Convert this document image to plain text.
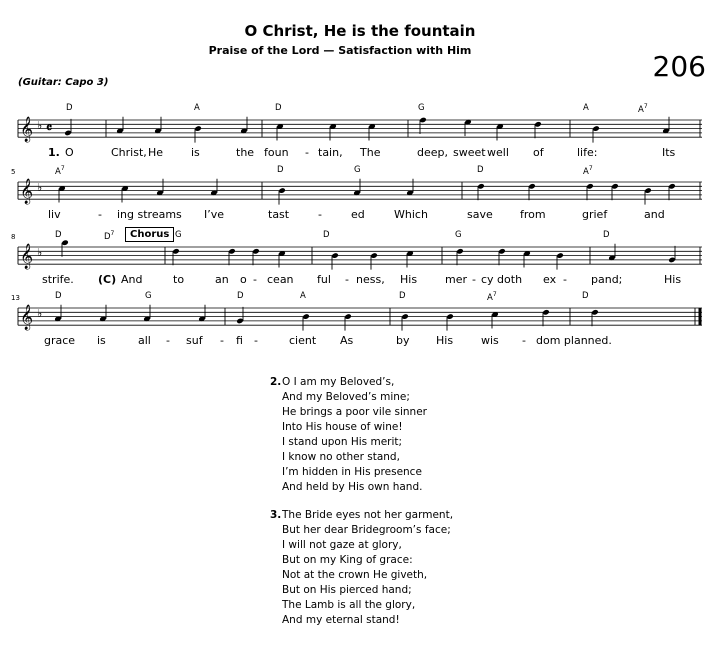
O Christ, He is the fountain
Praise of the Lord — Satisfaction with Him	206
(Guitar: Capo 3)
𝄞 ♭ 𝄴
D	A	D	G	A	$A^7$
1. O	Christ, He	is	the foun - tain, The	deep, sweet well of	life:	Its
𝄞 ♭
5	$A^7$	D	G	D	$A^7$
liv	- ing streams I’ve	tast	-	ed	Which	save from	grief	and
𝄞 ♭
8	D	$D^7$	G	D	G	D
Chorus
strife. (C) And	to	an o - cean ful - ness, His	mer - cy doth ex - pand;	His
𝄞 ♭
13	D	G	D	A	D	$A^7$	D
grace is	all - suf - fi -	cient As	by His	wis - dom planned.
2. O I am my Beloved’s,
And my Beloved’s mine;
He brings a poor vile sinner
Into His house of wine!
I stand upon His merit;
I know no other stand,
I’m hidden in His presence
And held by His own hand.
3. The Bride eyes not her garment,
But her dear Bridegroom’s face;
I will not gaze at glory,
But on my King of grace:
Not at the crown He giveth,
But on His pierced hand;
The Lamb is all the glory,
And my eternal stand!
